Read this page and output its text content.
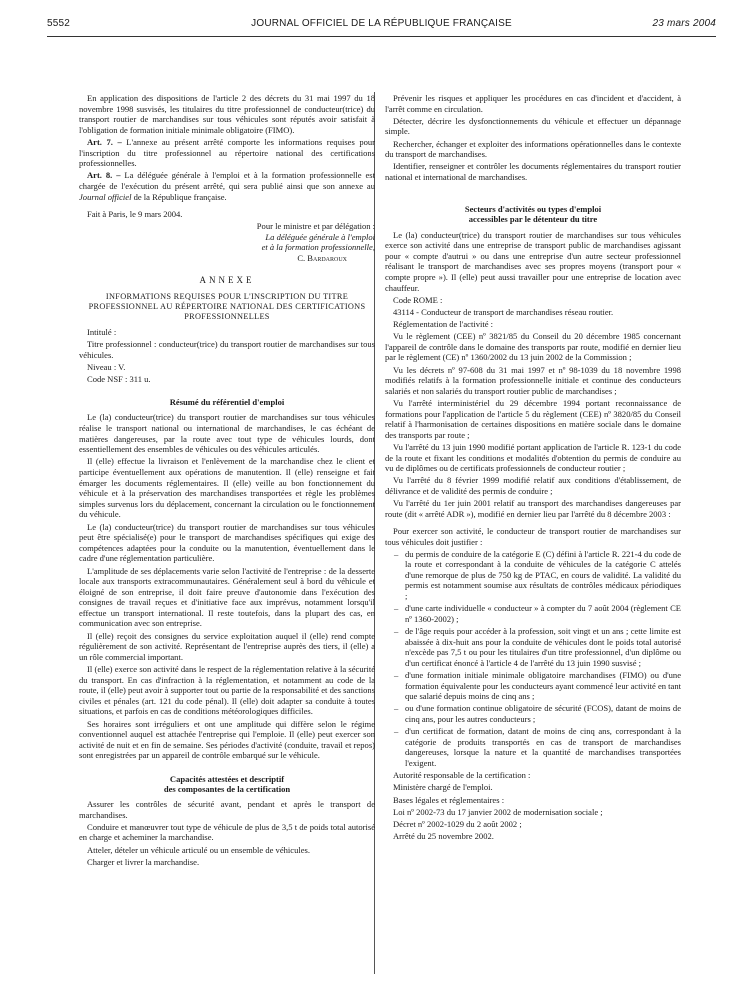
5552	JOURNAL OFFICIEL DE LA RÉPUBLIQUE FRANÇAISE	23 mars 2004

En application des dispositions de l'article 2 des décrets du 31 mai 1997 du 18 novembre 1998 susvisés, les titulaires du titre professionnel de conducteur(trice) du transport routier de marchandises sur tous véhicules sont réputés avoir satisfait à l'obligation de formation initiale minimale obligatoire (FIMO).

Art. 7. – L'annexe au présent arrêté comporte les informations requises pour l'inscription du titre professionnel au répertoire national des certifications professionnelles.

Art. 8. – La déléguée générale à l'emploi et à la formation professionnelle est chargée de l'exécution du présent arrêté, qui sera publié ainsi que son annexe au Journal officiel de la République française.

Fait à Paris, le 9 mars 2004.

Pour le ministre et par délégation :

La déléguée générale à l'emploi

et à la formation professionnelle,

C. Bardaroux

ANNEXE
INFORMATIONS REQUISES POUR L'INSCRIPTION DU TITRE PROFESSIONNEL AU RÉPERTOIRE NATIONAL DES CERTIFICATIONS PROFESSIONNELLES

Intitulé :

Titre professionnel : conducteur(trice) du transport routier de marchandises sur tous véhicules.

Niveau : V.

Code NSF : 311 u.

Résumé du référentiel d'emploi

Le (la) conducteur(trice) du transport routier de marchandises sur tous véhicules réalise le transport national ou international de marchandises, le cas échéant de matières dangereuses, par la route avec tout type de véhicules lourds, dont essentiellement des ensembles de véhicules ou des véhicules articulés.

Il (elle) effectue la livraison et l'enlèvement de la marchandise chez le client et participe éventuellement aux opérations de manutention. Il (elle) renseigne et fait émarger les documents réglementaires. Il (elle) veille au bon fonctionnement du véhicule et à la préservation des marchandises transportées et règle les problèmes simples survenus lors du déplacement, concernant la circulation ou le fonctionnement du véhicule.

Le (la) conducteur(trice) du transport routier de marchandises sur tous véhicules peut être spécialisé(e) pour le transport de marchandises spécifiques qui exige des compétences adaptées pour la conduite ou la manutention, éventuellement dans le cadre d'une réglementation particulière.

L'amplitude de ses déplacements varie selon l'activité de l'entreprise : de la desserte locale aux transports extracommunautaires. Généralement seul à bord du véhicule et éloigné de son entreprise, il doit faire preuve d'autonomie dans l'exécution des consignes de travail reçues et d'initiative face aux imprévus, notamment lorsqu'il effectue un transport international. Il reste toutefois, dans la plupart des cas, en communication avec son entreprise.

Il (elle) reçoit des consignes du service exploitation auquel il (elle) rend compte régulièrement de son activité. Représentant de l'entreprise auprès des tiers, il (elle) a un rôle commercial important.

Il (elle) exerce son activité dans le respect de la réglementation relative à la sécurité du transport. En cas d'infraction à la réglementation, et notamment au code de la route, il (elle) peut avoir à supporter tout ou partie de la responsabilité et des sanctions civiles et pénales (art. 121 du code pénal). Il (elle) doit adapter sa conduite à toutes situations, et parfois en cas de conditions météorologiques difficiles.

Ses horaires sont irréguliers et ont une amplitude qui diffère selon le régime conventionnel auquel est attachée l'entreprise qui l'emploie. Il (elle) peut exercer son activité de nuit et en fin de semaine. Ses périodes d'activité (conduite, travail et repos) sont enregistrées par un appareil de contrôle embarqué sur le véhicule.

Capacités attestées et descriptif
des composantes de la certification

Assurer les contrôles de sécurité avant, pendant et après le transport de marchandises.

Conduire et manœuvrer tout type de véhicule de plus de 3,5 t de poids total autorisé en charge et acheminer la marchandise.

Atteler, dételer un véhicule articulé ou un ensemble de véhicules.

Charger et livrer la marchandise.

Prévenir les risques et appliquer les procédures en cas d'incident et d'accident, à l'arrêt comme en circulation.

Détecter, décrire les dysfonctionnements du véhicule et effectuer un dépannage simple.

Rechercher, échanger et exploiter des informations opérationnelles dans le contexte du transport de marchandises.

Identifier, renseigner et contrôler les documents réglementaires du transport routier national et international de marchandises.

Secteurs d'activités ou types d'emploi
accessibles par le détenteur du titre

Le (la) conducteur(trice) du transport routier de marchandises sur tous véhicules exerce son activité dans une entreprise de transport public de marchandises agissant pour « compte d'autrui » ou dans une entreprise d'un autre secteur professionnel réalisant le transport de marchandises avec ses propres moyens (transport pour « compte propre »). Il (elle) peut aussi travailler pour une entreprise de location avec chauffeur.

Code ROME :

43114 - Conducteur de transport de marchandises réseau routier.

Réglementation de l'activité :

Vu le règlement (CEE) nº 3821/85 du Conseil du 20 décembre 1985 concernant l'appareil de contrôle dans le domaine des transports par route, modifié en dernier lieu par le règlement (CE) nº 1360/2002 du 13 juin 2002 de la Commission ;

Vu les décrets nº 97-608 du 31 mai 1997 et nº 98-1039 du 18 novembre 1998 modifiés relatifs à la formation professionnelle initiale et continue des conducteurs salariés et non salariés du transport routier public de marchandises ;

Vu l'arrêté interministériel du 29 décembre 1994 portant reconnaissance de formations pour l'application de l'article 5 du règlement (CEE) nº 3820/85 du Conseil relatif à l'harmonisation de certaines dispositions en matière sociale dans le domaine des transports par route ;

Vu l'arrêté du 13 juin 1990 modifié portant application de l'article R. 123-1 du code de la route et fixant les conditions et modalités d'obtention du permis de conduire au vu de diplômes ou de certificats professionnels de conducteur routier ;

Vu l'arrêté du 8 février 1999 modifié relatif aux conditions d'établissement, de délivrance et de validité des permis de conduire ;

Vu l'arrêté du 1er juin 2001 relatif au transport des marchandises dangereuses par route (dit « arrêté ADR »), modifié en dernier lieu par l'arrêté du 8 décembre 2003 :

Pour exercer son activité, le conducteur de transport routier de marchandises sur tous véhicules doit justifier :

– du permis de conduire de la catégorie E (C) défini à l'article R. 221-4 du code de la route et correspondant à la conduite de véhicules de la catégorie C attelés d'une remorque de plus de 750 kg de PTAC, en cours de validité. La validité du permis est notamment soumise aux résultats de contrôles médicaux périodiques ;
– d'une carte individuelle « conducteur » à compter du 7 août 2004 (règlement CE nº 1360-2002) ;
– de l'âge requis pour accéder à la profession, soit vingt et un ans ; cette limite est abaissée à dix-huit ans pour la conduite de véhicules dont le poids total autorisé n'excède pas 7,5 t ou pour les titulaires d'un titre professionnel, d'un diplôme ou d'un certificat énoncé à l'article 4 de l'arrêté du 13 juin 1990 susvisé ;
– d'une formation initiale minimale obligatoire marchandises (FIMO) ou d'une formation équivalente pour les conducteurs ayant commencé leur activité en tant que salarié depuis moins de cinq ans ;
– ou d'une formation continue obligatoire de sécurité (FCOS), datant de moins de cinq ans, pour les autres conducteurs ;
– d'un certificat de formation, datant de moins de cinq ans, correspondant à la catégorie de produits transportés en cas de transport de marchandises dangereuses, lorsque la nature et la quantité de marchandises transportées l'exigent.

Autorité responsable de la certification :

Ministère chargé de l'emploi.

Bases légales et réglementaires :

Loi nº 2002-73 du 17 janvier 2002 de modernisation sociale ;

Décret nº 2002-1029 du 2 août 2002 ;

Arrêté du 25 novembre 2002.
